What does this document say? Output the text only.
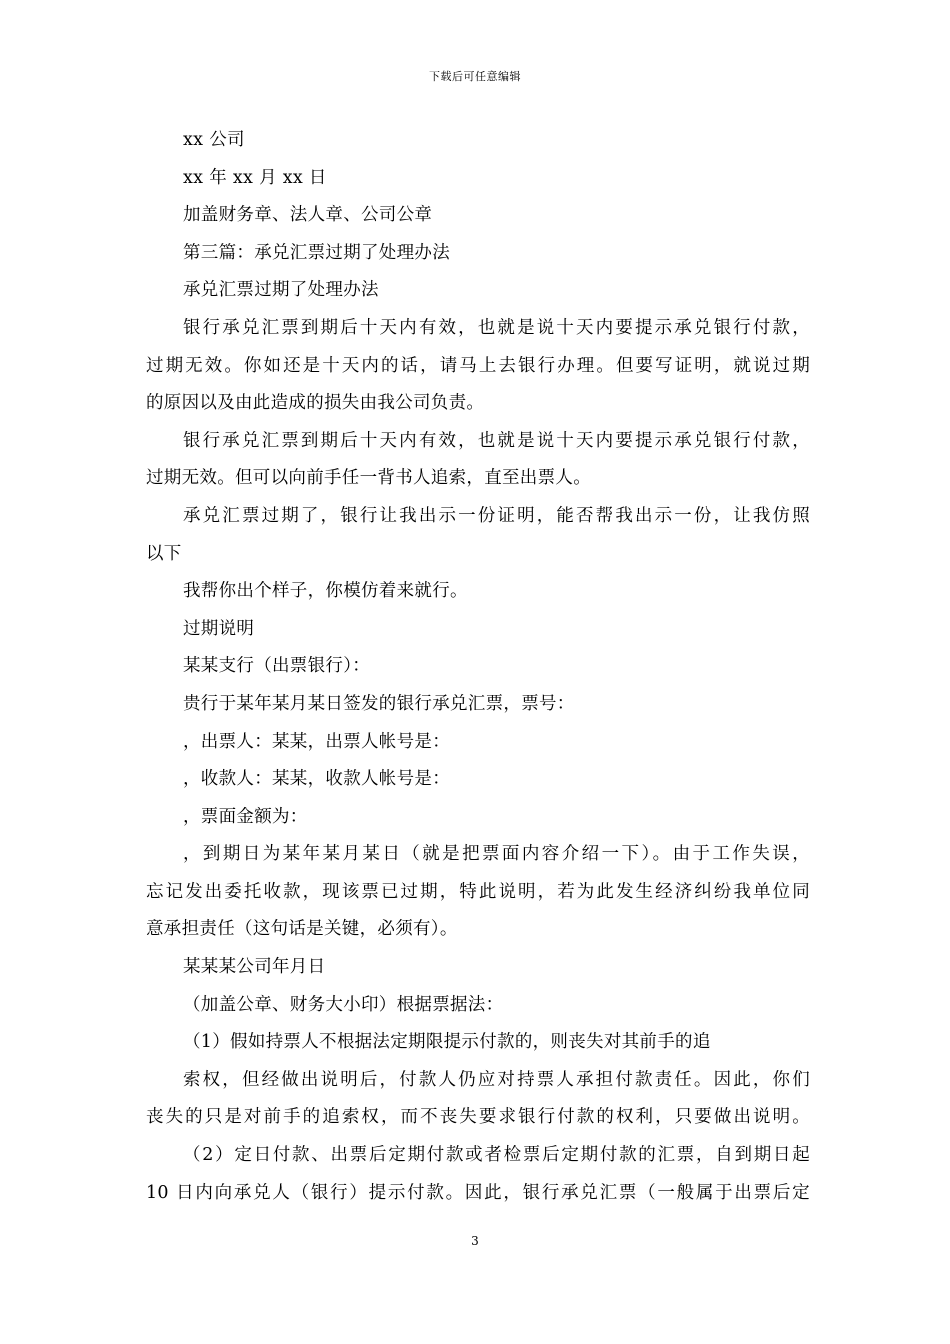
下载后可任意编辑
xx 公司
xx 年 xx 月 xx 日
加盖财务章、法人章、公司公章
第三篇：承兑汇票过期了处理办法
承兑汇票过期了处理办法
银行承兑汇票到期后十天内有效，也就是说十天内要提示承兑银行付款，
过期无效。你如还是十天内的话，请马上去银行办理。但要写证明，就说过期
的原因以及由此造成的损失由我公司负责。
银行承兑汇票到期后十天内有效，也就是说十天内要提示承兑银行付款，
过期无效。但可以向前手任一背书人追索，直至出票人。
承兑汇票过期了，银行让我出示一份证明，能否帮我出示一份，让我仿照
以下
我帮你出个样子，你模仿着来就行。
过期说明
某某支行（出票银行）：
贵行于某年某月某日签发的银行承兑汇票，票号：
，出票人：某某，出票人帐号是：
，收款人：某某，收款人帐号是：
，票面金额为：
，到期日为某年某月某日（就是把票面内容介绍一下）。由于工作失误，
忘记发出委托收款，现该票已过期，特此说明，若为此发生经济纠纷我单位同
意承担责任（这句话是关键，必须有）。
某某某公司年月日
（加盖公章、财务大小印）根据票据法：
（1）假如持票人不根据法定期限提示付款的，则丧失对其前手的追
索权，但经做出说明后，付款人仍应对持票人承担付款责任。因此，你们
丧失的只是对前手的追索权，而不丧失要求银行付款的权利，只要做出说明。
（2）定日付款、出票后定期付款或者检票后定期付款的汇票，自到期日起
10 日内向承兑人（银行）提示付款。因此，银行承兑汇票（一般属于出票后定
3
